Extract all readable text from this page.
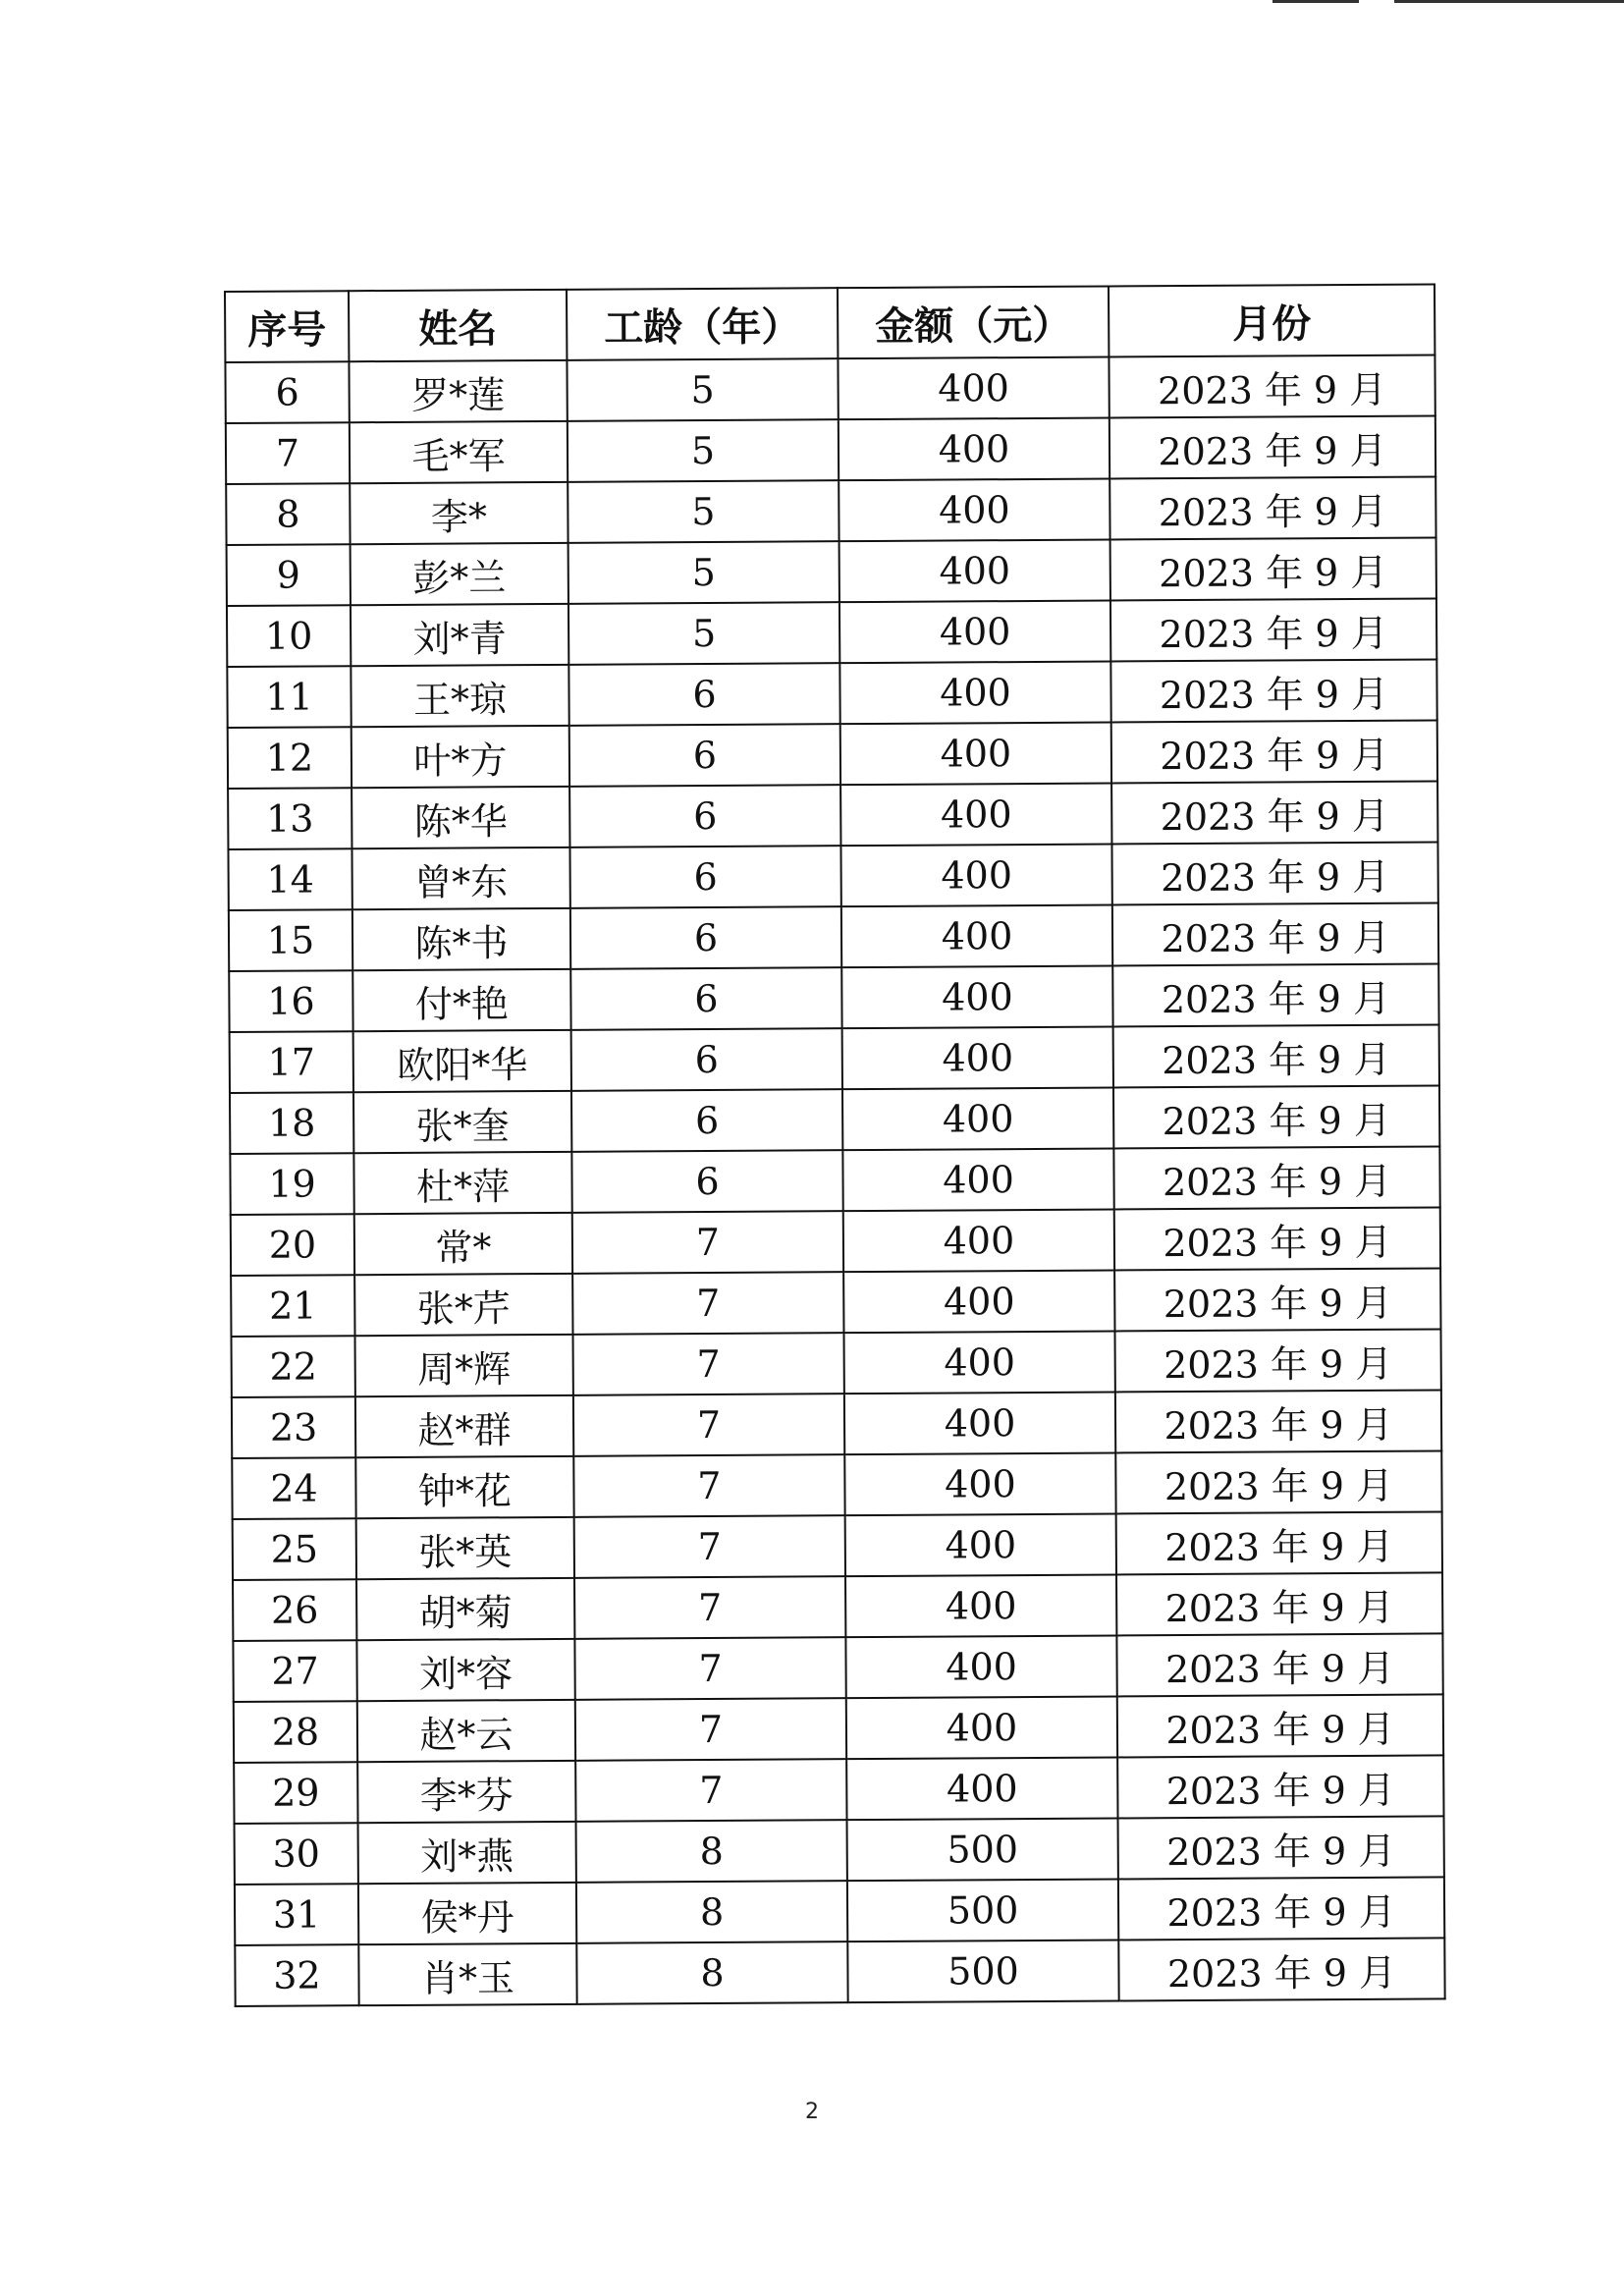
序号	姓名	工龄（年）	金额（元）	月份
6	罗*莲	5	400	2023 年 9 月
7	毛*军	5	400	2023 年 9 月
8	李*	5	400	2023 年 9 月
9	彭*兰	5	400	2023 年 9 月
10	刘*青	5	400	2023 年 9 月
11	王*琼	6	400	2023 年 9 月
12	叶*方	6	400	2023 年 9 月
13	陈*华	6	400	2023 年 9 月
14	曾*东	6	400	2023 年 9 月
15	陈*书	6	400	2023 年 9 月
16	付*艳	6	400	2023 年 9 月
17	欧阳*华	6	400	2023 年 9 月
18	张*奎	6	400	2023 年 9 月
19	杜*萍	6	400	2023 年 9 月
20	常*	7	400	2023 年 9 月
21	张*芹	7	400	2023 年 9 月
22	周*辉	7	400	2023 年 9 月
23	赵*群	7	400	2023 年 9 月
24	钟*花	7	400	2023 年 9 月
25	张*英	7	400	2023 年 9 月
26	胡*菊	7	400	2023 年 9 月
27	刘*容	7	400	2023 年 9 月
28	赵*云	7	400	2023 年 9 月
29	李*芬	7	400	2023 年 9 月
30	刘*燕	8	500	2023 年 9 月
31	侯*丹	8	500	2023 年 9 月
32	肖*玉	8	500	2023 年 9 月
2
